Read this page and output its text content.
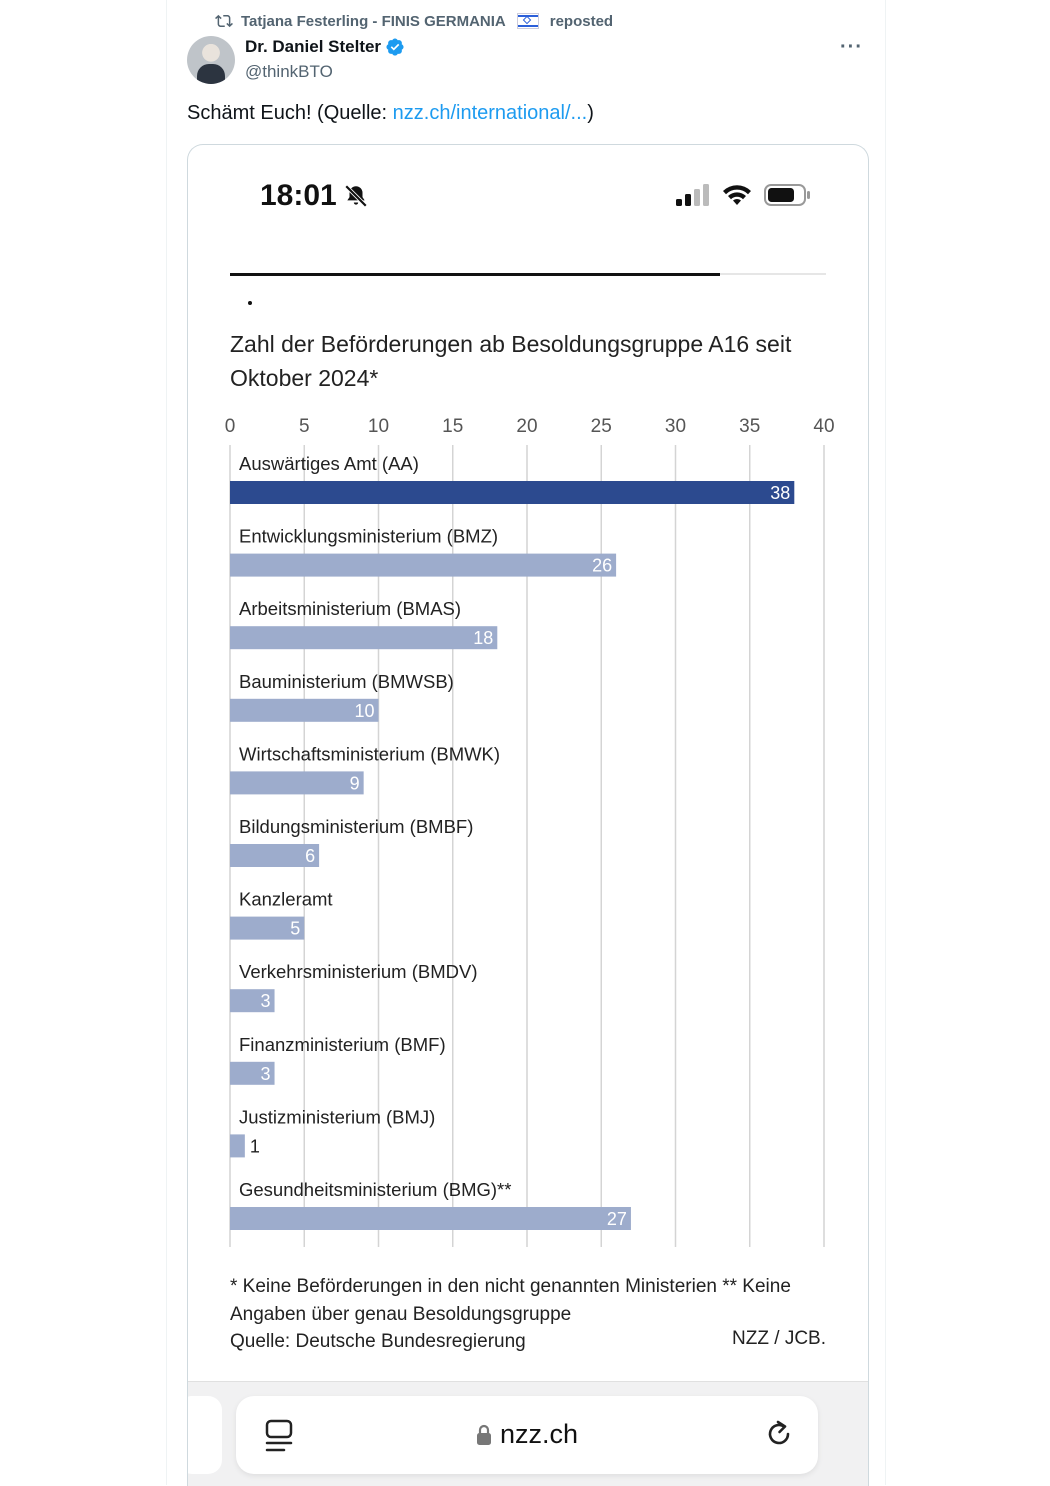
Tatjana Festerling - FINIS GERMANIA	reposted
Dr. Daniel Stelter
@thinkBTO
···
Schämt Euch! (Quelle: nzz.ch/international/...)
18:01
Zahl der Beförderungen ab Besoldungsgruppe A16 seit Oktober 2024*
0	5	10	15	20	25	30	35	40
Auswärtiges Amt (AA)
38
Entwicklungsministerium (BMZ)
26
Arbeitsministerium (BMAS)
18
Bauministerium (BMWSB)
10
Wirtschaftsministerium (BMWK)
9
Bildungsministerium (BMBF)
6
Kanzleramt
5
Verkehrsministerium (BMDV)
3
Finanzministerium (BMF)
3
Justizministerium (BMJ)
1
Gesundheitsministerium (BMG)**
27
* Keine Beförderungen in den nicht genannten Ministerien ** Keine Angaben über genau Besoldungsgruppe
Quelle: Deutsche Bundesregierung	NZZ / JCB.
nzz.ch
